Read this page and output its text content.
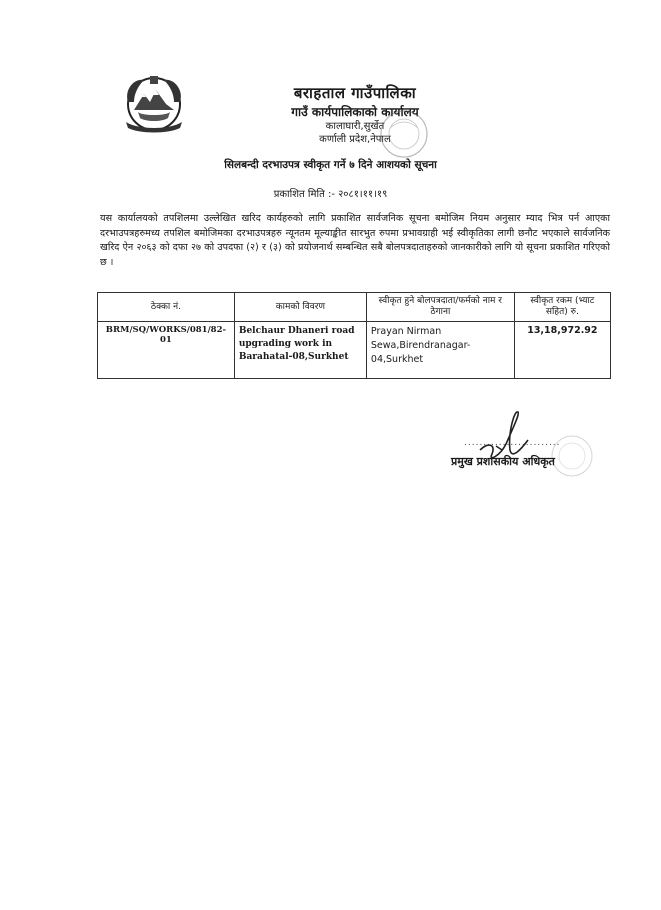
बराहताल गाउँपालिका
गाउँ कार्यपालिकाको कार्यालय
कालाघारी,सुर्खेत
कर्णाली प्रदेश,नेपाल
सिलबन्दी दरभाउपत्र स्वीकृत गर्ने ७ दिने आशयको सूचना
प्रकाशित मिति :- २०८१।११।१९
यस कार्यालयको तपशिलमा उल्लेखित खरिद कार्यहरुको लागि प्रकाशित सार्वजनिक सूचना बमोजिम नियम अनुसार म्याद भित्र पर्न आएका दरभाउपत्रहरुमध्य तपशिल बमोजिमका दरभाउपत्रहरु न्यूनतम मूल्याङ्कीत सारभुत रुपमा प्रभावग्राही भई स्वीकृतिका लागी छनौट भएकाले सार्वजनिक खरिद ऐन २०६३ को दफा २७ को उपदफा (२) र (३) को प्रयोजनार्थ सम्बन्धित सबै बोलपत्रदाताहरुको जानकारीको लागि यो सूचना प्रकाशित गरिएको छ ।
ठेक्का नं.	कामको विवरण	स्वीकृत हुने बोलपत्रदाता/फर्मको नाम र ठेगाना	स्वीकृत रकम (भ्याट सहित) रु.
BRM/SQ/WORKS/081/82-01	Belchaur Dhaneri road upgrading work in Barahatal-08,Surkhet	Prayan Nirman Sewa,Birendranagar-04,Surkhet	13,18,972.92
.........................
प्रमुख प्रशासकीय अधिकृत
